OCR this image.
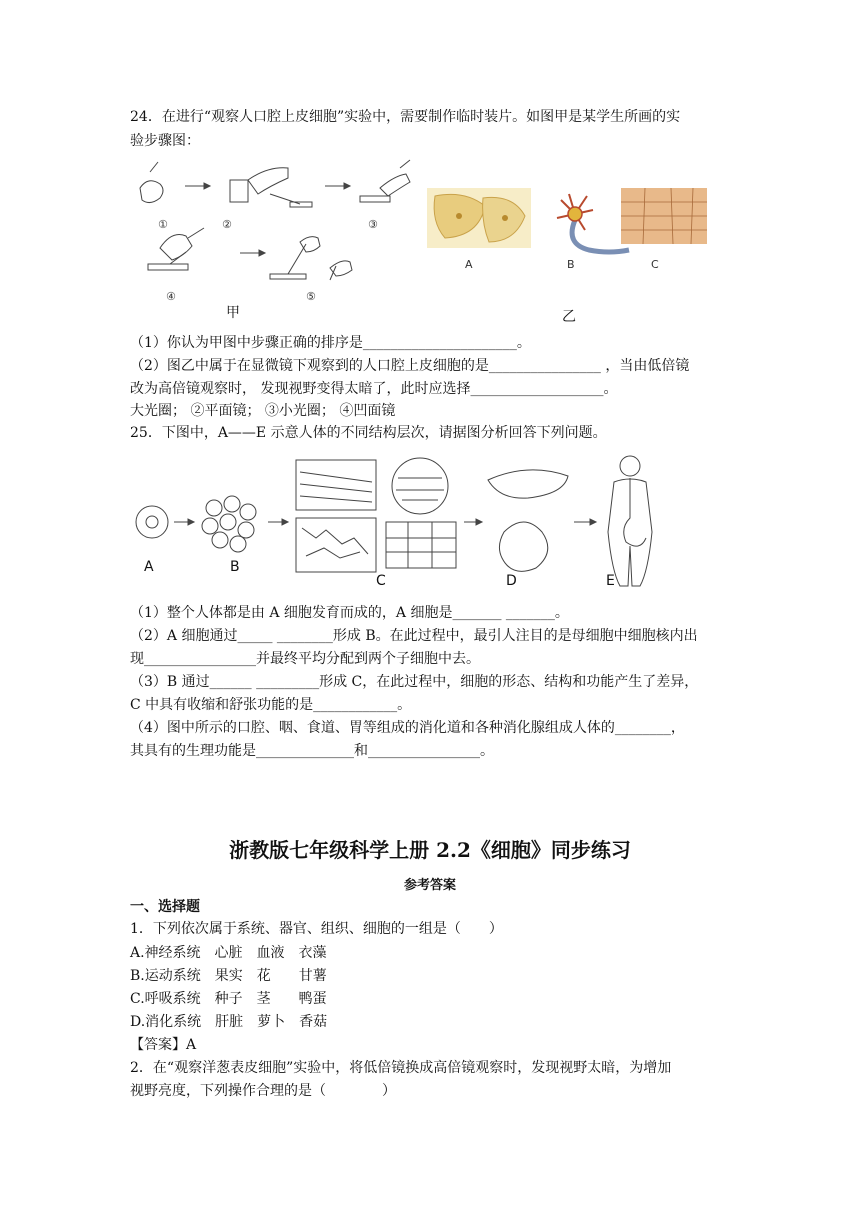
24．在进行“观察人口腔上皮细胞”实验中，需要制作临时装片。如图甲是某学生所画的实
验步骤图：
①	②	③
④	⑤
甲
A	B	C
乙
（1）你认为甲图中步骤正确的排序是______________________。
（2）图乙中属于在显微镜下观察到的人口腔上皮细胞的是________________ ，当由低倍镜
改为高倍镜观察时， 发现视野变得太暗了，此时应选择___________________。
大光圈； ②平面镜； ③小光圈； ④凹面镜
25．下图中，A——E 示意人体的不同结构层次，请据图分析回答下列问题。
A	B
C	D	E
（1）整个人体都是由 A 细胞发育而成的，A 细胞是_______ _______。
（2）A 细胞通过_____ ________形成 B。在此过程中，最引人注目的是母细胞中细胞核内出
现________________并最终平均分配到两个子细胞中去。
（3）B 通过______ _________形成 C，在此过程中，细胞的形态、结构和功能产生了差异，
C 中具有收缩和舒张功能的是____________。
（4）图中所示的口腔、咽、食道、胃等组成的消化道和各种消化腺组成人体的________，
其具有的生理功能是______________和________________。
浙教版七年级科学上册 2.2《细胞》同步练习
参考答案
一、选择题
1．下列依次属于系统、器官、组织、细胞的一组是（　　）
A.神经系统　心脏　血液　衣藻
B.运动系统　果实　花　　甘薯
C.呼吸系统　种子　茎　　鸭蛋
D.消化系统　肝脏　萝卜　香菇
【答案】A
2．在“观察洋葱表皮细胞”实验中，将低倍镜换成高倍镜观察时，发现视野太暗，为增加
视野亮度，下列操作合理的是（　　　　）
